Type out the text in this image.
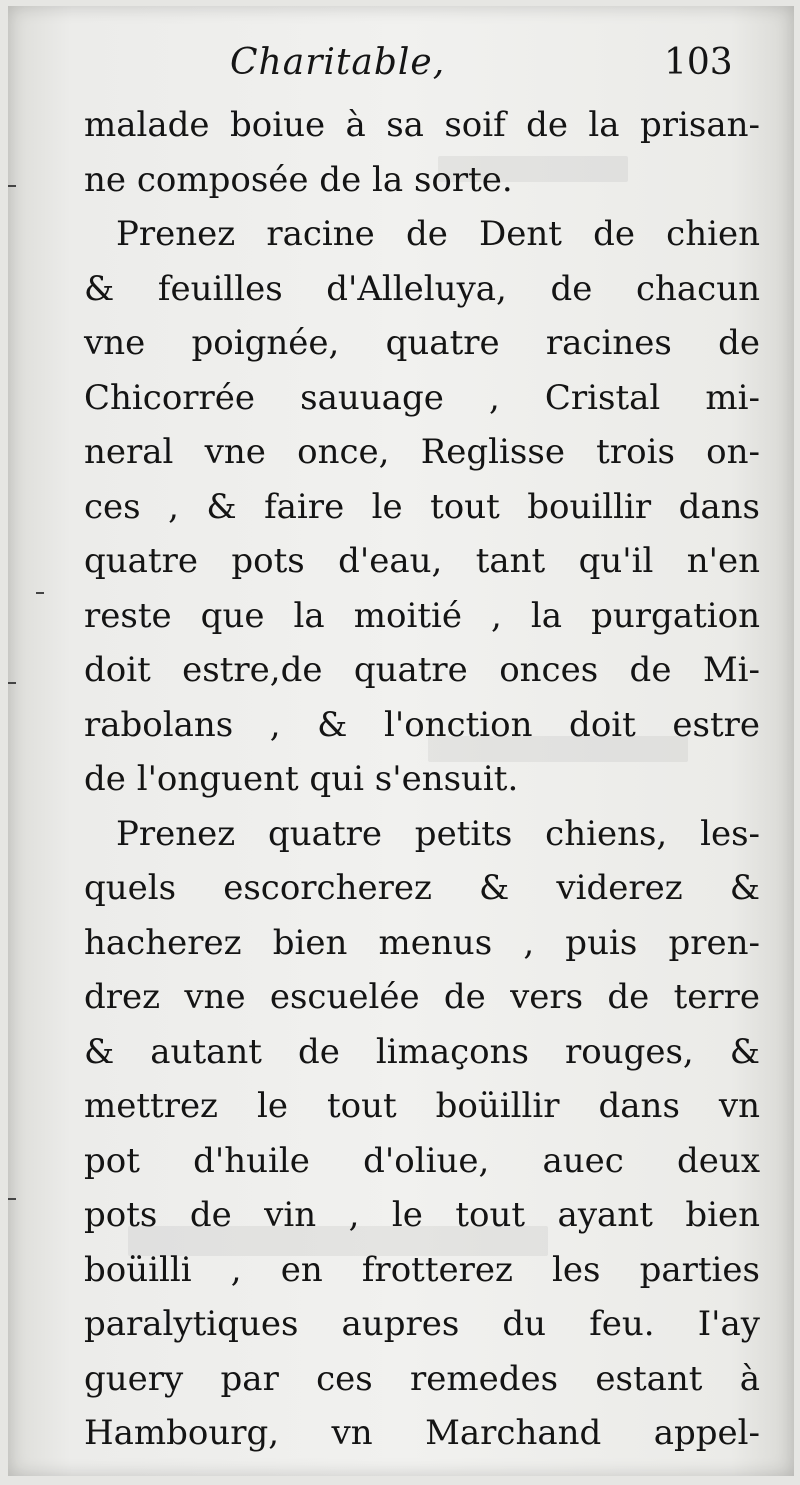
Charitable,	103
malade boiue à sa soif de la prisan-
ne composée de la sorte.
Prenez racine de Dent de chien
& feuilles d'Alleluya, de chacun
vne poignée, quatre racines de
Chicorrée sauuage , Cristal mi-
neral vne once, Reglisse trois on-
ces , & faire le tout bouillir dans
quatre pots d'eau, tant qu'il n'en
reste que la moitié , la purgation
doit estre,de quatre onces de Mi-
rabolans , & l'onction doit estre
de l'onguent qui s'ensuit.
Prenez quatre petits chiens, les-
quels escorcherez & viderez &
hacherez bien menus , puis pren-
drez vne escuelée de vers de terre
& autant de limaçons rouges, &
mettrez le tout boüillir dans vn
pot d'huile d'oliue, auec deux
pots de vin , le tout ayant bien
boüilli , en frotterez les parties
paralytiques aupres du feu. I'ay
guery par ces remedes estant à
Hambourg, vn Marchand appel-
